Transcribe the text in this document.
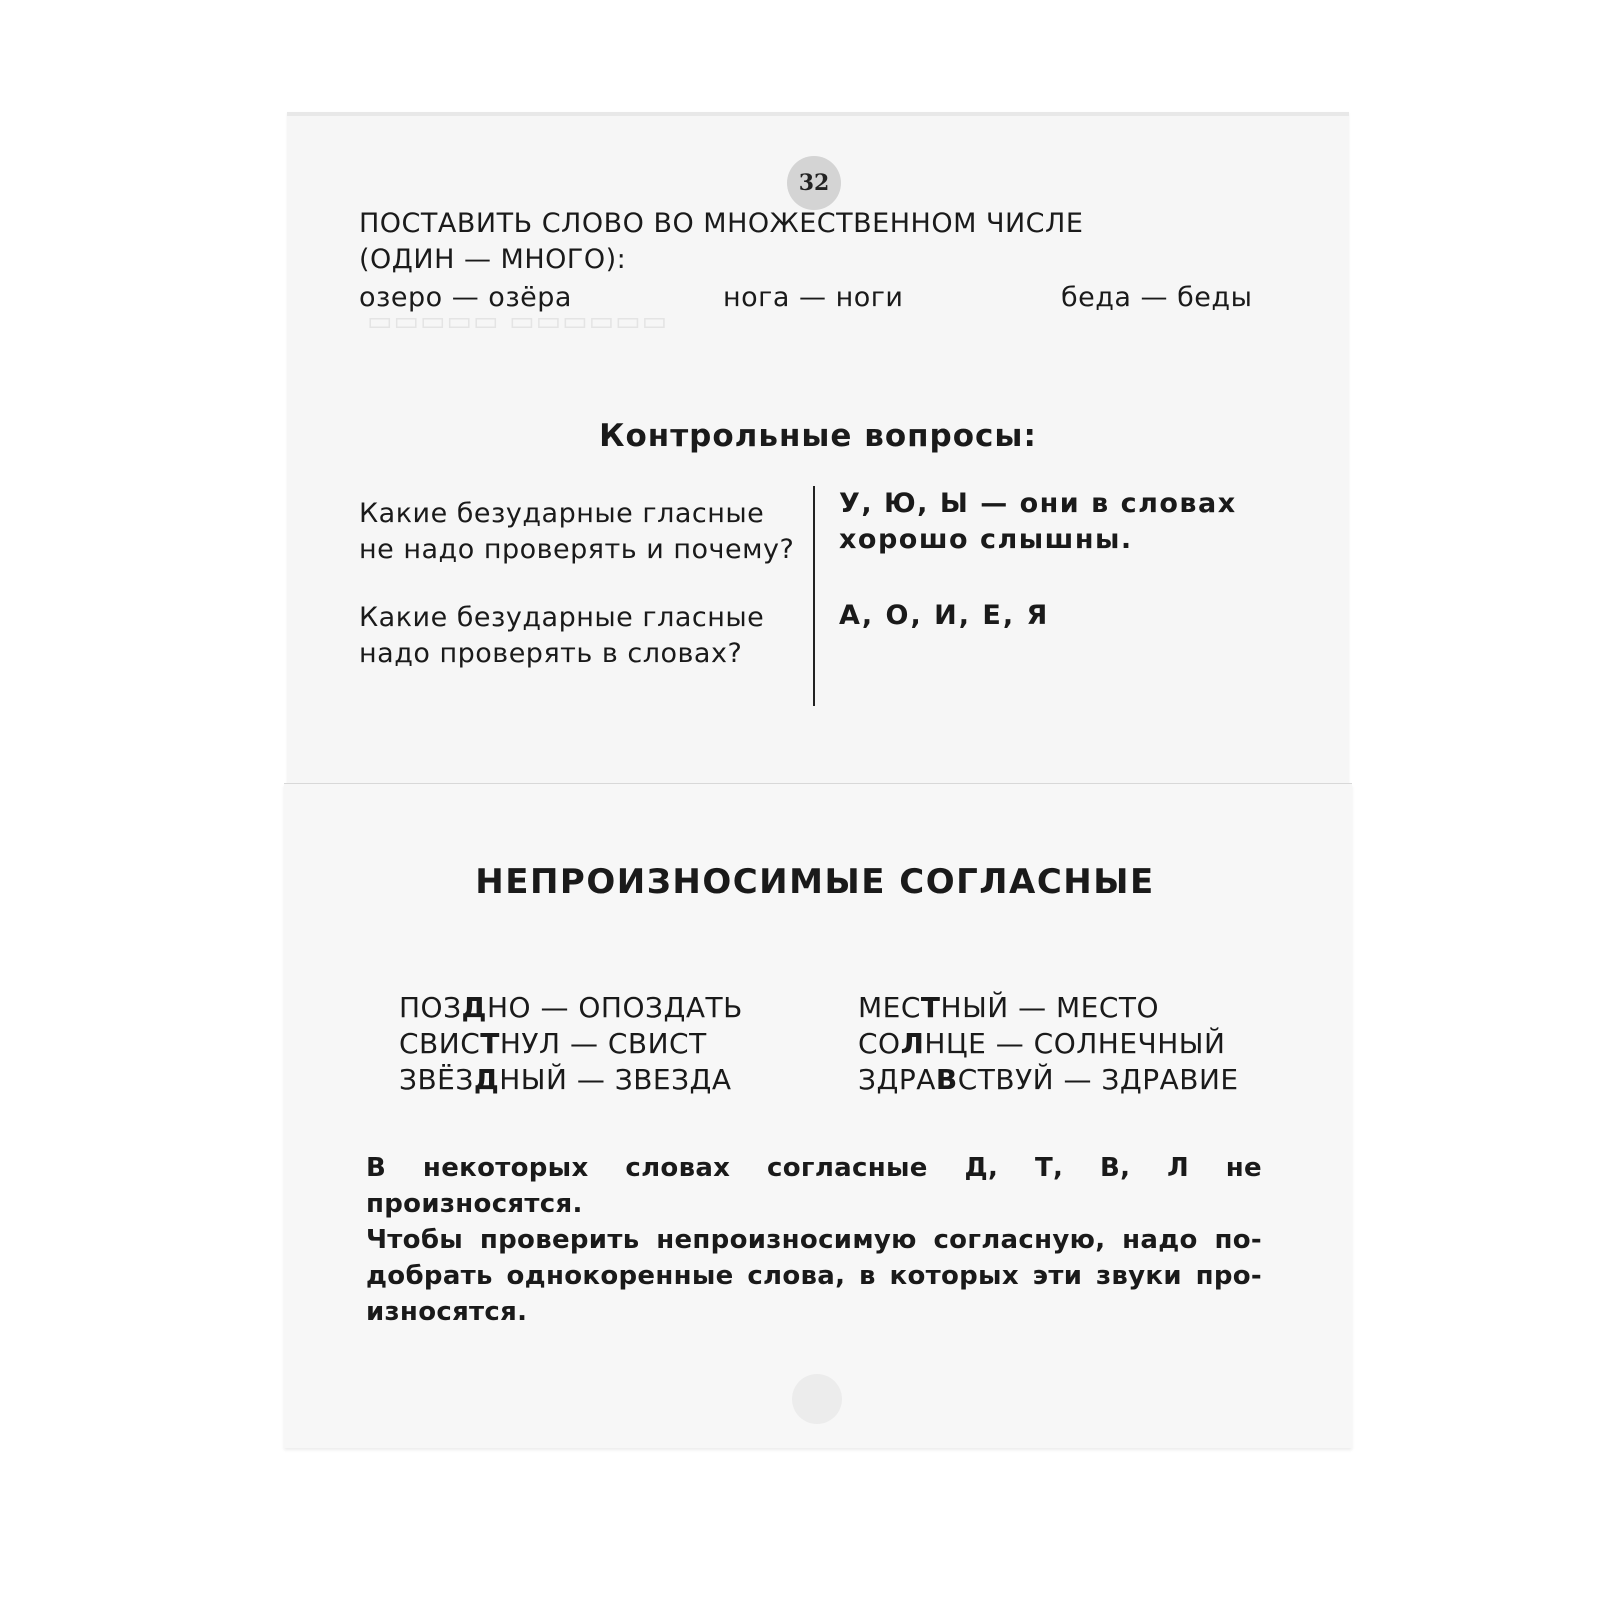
▭▭▭▭▭ ▭▭▭▭▭▭
32
ПОСТАВИТЬ СЛОВО ВО МНОЖЕСТВЕННОМ ЧИСЛЕ
(ОДИН — МНОГО):
озеро — озёра	нога — ноги	беда — беды
Контрольные вопросы:
Какие безударные гласные
не надо проверять и почему?
У, Ю, Ы — они в словах
хорошо слышны.
Какие безударные гласные
надо проверять в словах?
А, О, И, Е, Я
НЕПРОИЗНОСИМЫЕ СОГЛАСНЫЕ
ПОЗДНО — ОПОЗДАТЬ
СВИСТНУЛ — СВИСТ
ЗВЁЗДНЫЙ — ЗВЕЗДА
МЕСТНЫЙ — МЕСТО
СОЛНЦЕ — СОЛНЕЧНЫЙ
ЗДРАВСТВУЙ — ЗДРАВИЕ
В некоторых словах согласные Д, Т, В, Л не произносятся.
Чтобы проверить непроизносимую согласную, надо по-
добрать однокоренные слова, в которых эти звуки про-
износятся.
